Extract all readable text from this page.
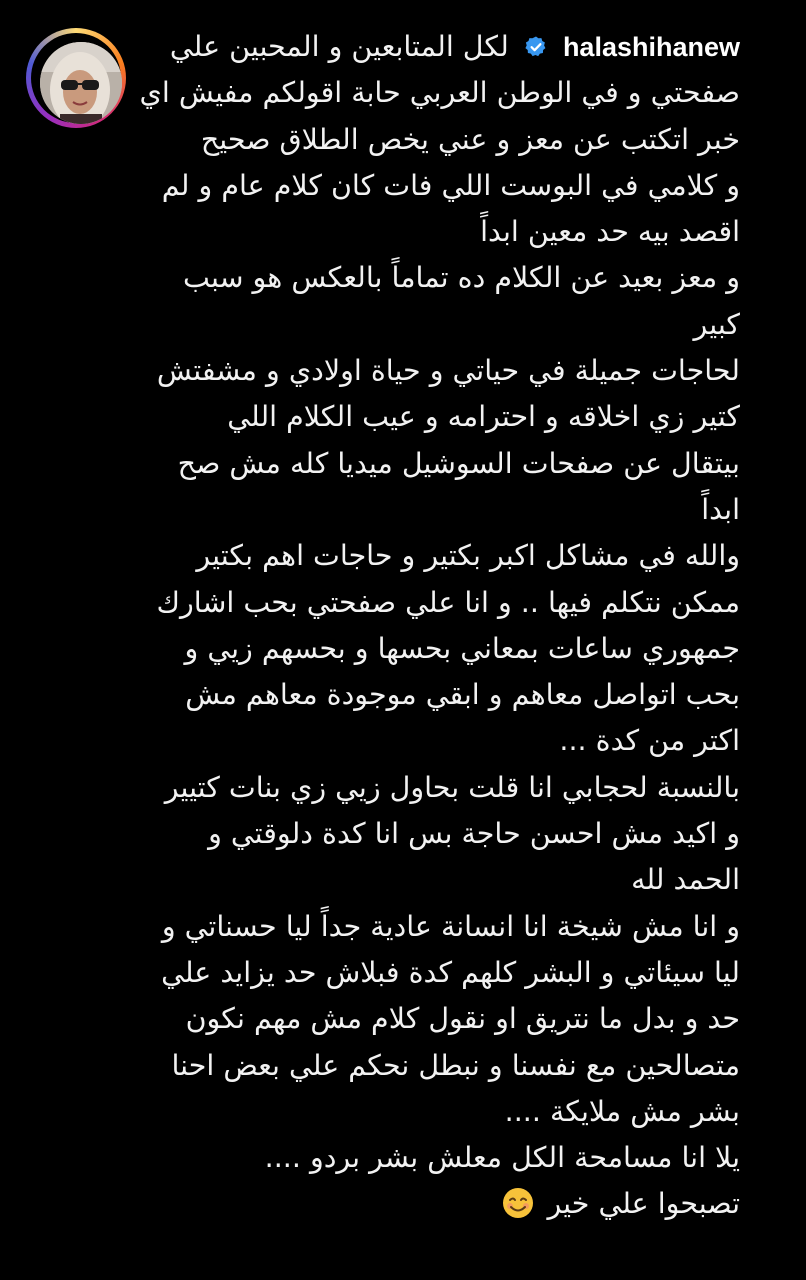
halashihanew  لكل المتابعين و المحبين علي
صفحتي و في الوطن العربي حابة اقولكم مفيش اي
خبر اتكتب عن معز و عني يخص الطلاق صحيح
و كلامي في البوست اللي فات كان كلام عام و لم
اقصد بيه حد معين ابداً
و معز بعيد عن الكلام ده تماماً بالعكس هو سبب
كبير
لحاجات جميلة في حياتي و حياة اولادي و مشفتش
كتير زي اخلاقه و احترامه و عيب الكلام اللي
بيتقال عن صفحات السوشيل ميديا كله مش صح
ابداً
والله في مشاكل اكبر بكتير و حاجات اهم بكتير
ممكن نتكلم فيها .. و انا علي صفحتي بحب اشارك
جمهوري ساعات بمعاني بحسها و بحسهم زيي و
بحب اتواصل معاهم و ابقي موجودة معاهم مش
اكتر من كدة ...
بالنسبة لحجابي انا قلت بحاول زيي زي بنات كتيير
و اكيد مش احسن حاجة بس انا كدة دلوقتي و
الحمد لله
و انا مش شيخة انا انسانة عادية جداً ليا حسناتي و
ليا سيئاتي و البشر كلهم كدة فبلاش حد يزايد علي
حد و بدل ما نتريق او نقول كلام مش مهم نكون
متصالحين مع نفسنا و نبطل نحكم علي بعض احنا
بشر مش ملايكة ....
يلا انا مسامحة الكل معلش بشر بردو ....
تصبحوا علي خير
